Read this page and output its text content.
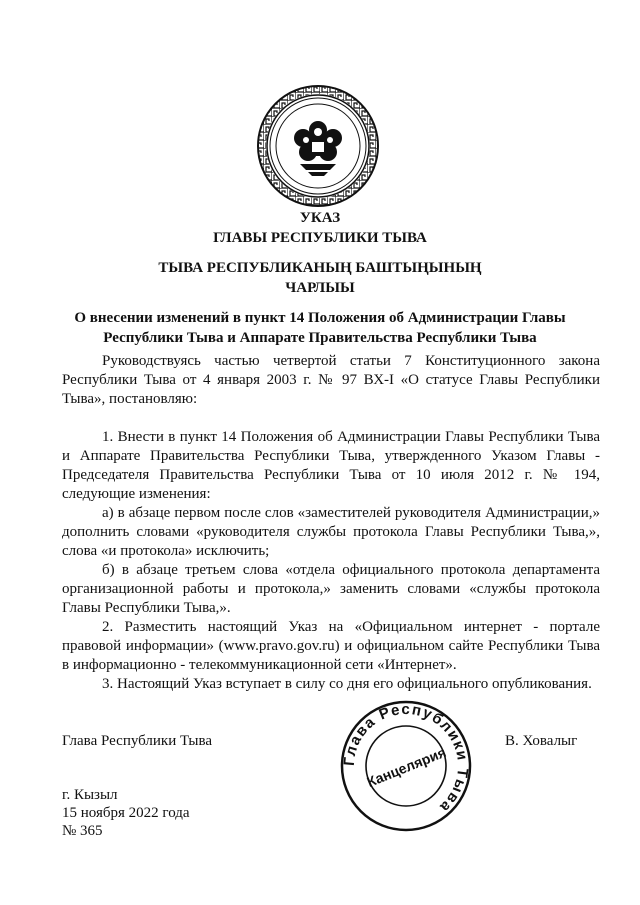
УКАЗ
ГЛАВЫ РЕСПУБЛИКИ ТЫВА
ТЫВА РЕСПУБЛИКАНЫҢ БАШТЫҢЫНЫҢ
ЧАРЛЫЫ
О внесении изменений в пункт 14 Положения об Администрации Главы
Республики Тыва и Аппарате Правительства Республики Тыва

Руководствуясь частью четвертой статьи 7 Конституционного закона Республики Тыва от 4 января 2003 г. № 97 ВХ-I «О статусе Главы Республики Тыва», постановляю:

1. Внести в пункт 14 Положения об Администрации Главы Республики Тыва и Аппарате Правительства Республики Тыва, утвержденного Указом Главы - Председателя Правительства Республики Тыва от 10 июля 2012 г. № 194, следующие изменения:

а) в абзаце первом после слов «заместителей руководителя Администрации,» дополнить словами «руководителя службы протокола Главы Республики Тыва,», слова «и протокола» исключить;

б) в абзаце третьем слова «отдела официального протокола департамента организационной работы и протокола,» заменить словами «службы протокола Главы Республики Тыва,».

2. Разместить настоящий Указ на «Официальном интернет - портале правовой информации» (www.pravo.gov.ru) и официальном сайте Республики Тыва в информационно - телекоммуникационной сети «Интернет».

3. Настоящий Указ вступает в силу со дня его официального опубликования.

Глава Республики Тыва
Глава Республики Тыва
Канцелярия
В. Ховалыг
г. Кызыл
15 ноября 2022 года
№ 365
